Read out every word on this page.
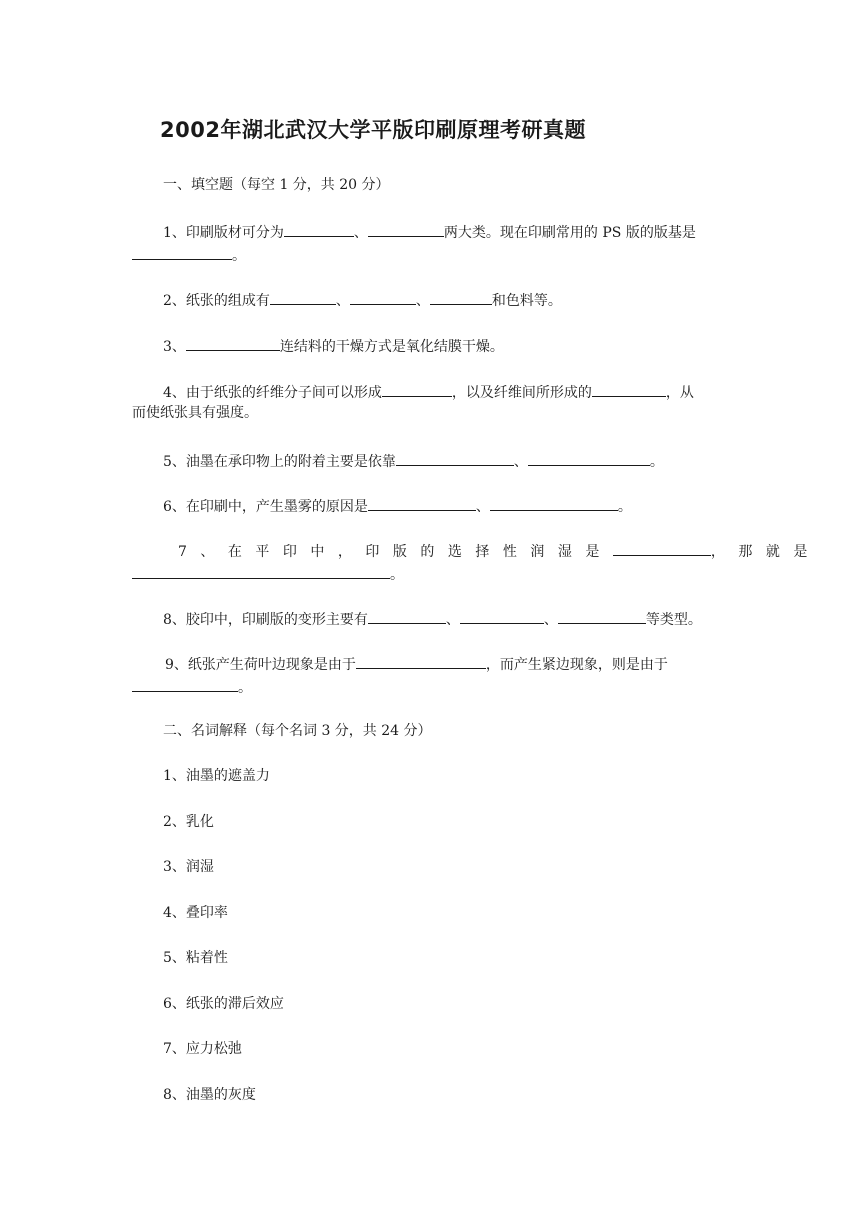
2002年湖北武汉大学平版印刷原理考研真题
一、填空题（每空 1 分，共 20 分）
1、印刷版材可分为	、	两大类。现在印刷常用的 PS 版的版基是
。
2、纸张的组成有	、	、	和色料等。
3、	连结料的干燥方式是氧化结膜干燥。
4、由于纸张的纤维分子间可以形成	，以及纤维间所形成的	，从
而使纸张具有强度。
5、油墨在承印物上的附着主要是依靠	、	。
6、在印刷中，产生墨雾的原因是	、	。
7、在平印中，印版的选择性润湿是	，那就是
。
8、胶印中，印刷版的变形主要有	、	、	等类型。
9、纸张产生荷叶边现象是由于	，而产生紧边现象，则是由于
。
二、名词解释（每个名词 3 分，共 24 分）
1、油墨的遮盖力
2、乳化
3、润湿
4、叠印率
5、粘着性
6、纸张的滞后效应
7、应力松弛
8、油墨的灰度
